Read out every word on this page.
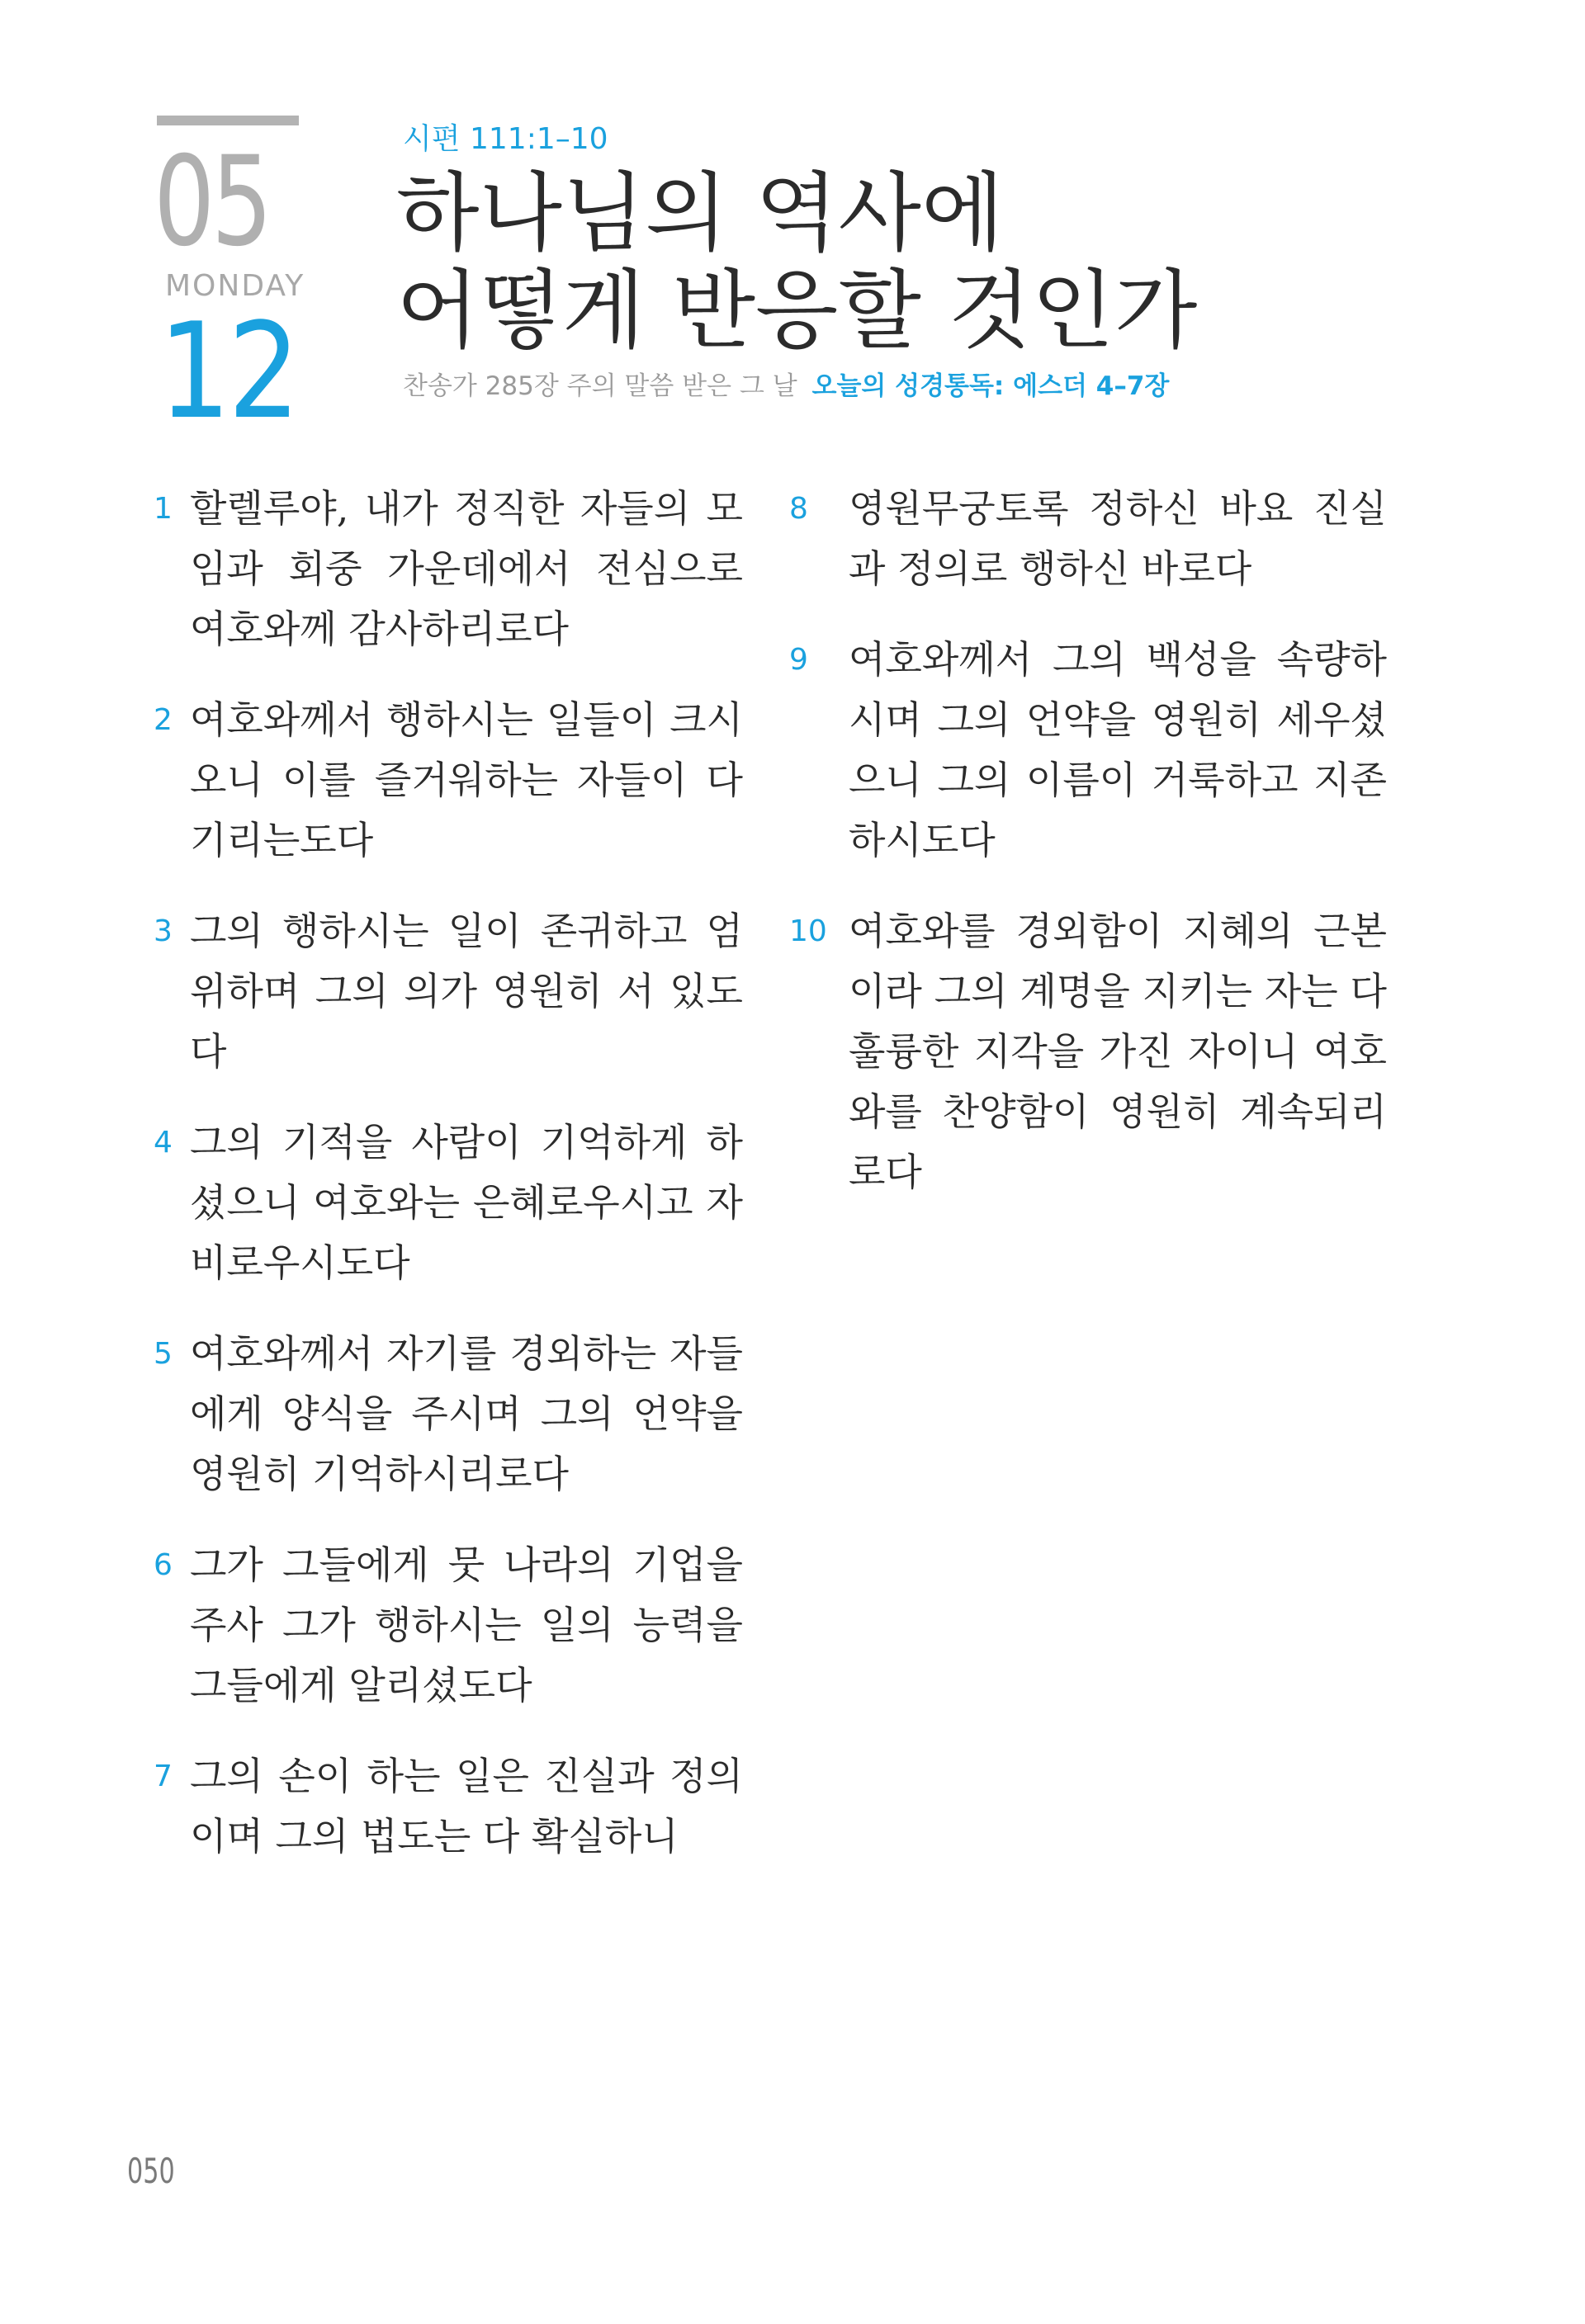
05
MONDAY
12
시편 111:1–10
하나님의 역사에
어떻게 반응할 것인가
찬송가 285장 주의 말씀 받은 그 날 오늘의 성경통독: 에스더 4–7장
1 할렐루야, 내가 정직한 자들의 모임과 회중 가운데에서 전심으로 여호와께 감사하리로다
2 여호와께서 행하시는 일들이 크시오니 이를 즐거워하는 자들이 다 기리는도다
3 그의 행하시는 일이 존귀하고 엄위하며 그의 의가 영원히 서 있도다
4 그의 기적을 사람이 기억하게 하셨으니 여호와는 은혜로우시고 자비로우시도다
5 여호와께서 자기를 경외하는 자들에게 양식을 주시며 그의 언약을 영원히 기억하시리로다
6 그가 그들에게 뭇 나라의 기업을 주사 그가 행하시는 일의 능력을 그들에게 알리셨도다
7 그의 손이 하는 일은 진실과 정의이며 그의 법도는 다 확실하니
8 영원무궁토록 정하신 바요 진실과 정의로 행하신 바로다
9 여호와께서 그의 백성을 속량하시며 그의 언약을 영원히 세우셨으니 그의 이름이 거룩하고 지존하시도다
10 여호와를 경외함이 지혜의 근본이라 그의 계명을 지키는 자는 다 훌륭한 지각을 가진 자이니 여호와를 찬양함이 영원히 계속되리로다
050
